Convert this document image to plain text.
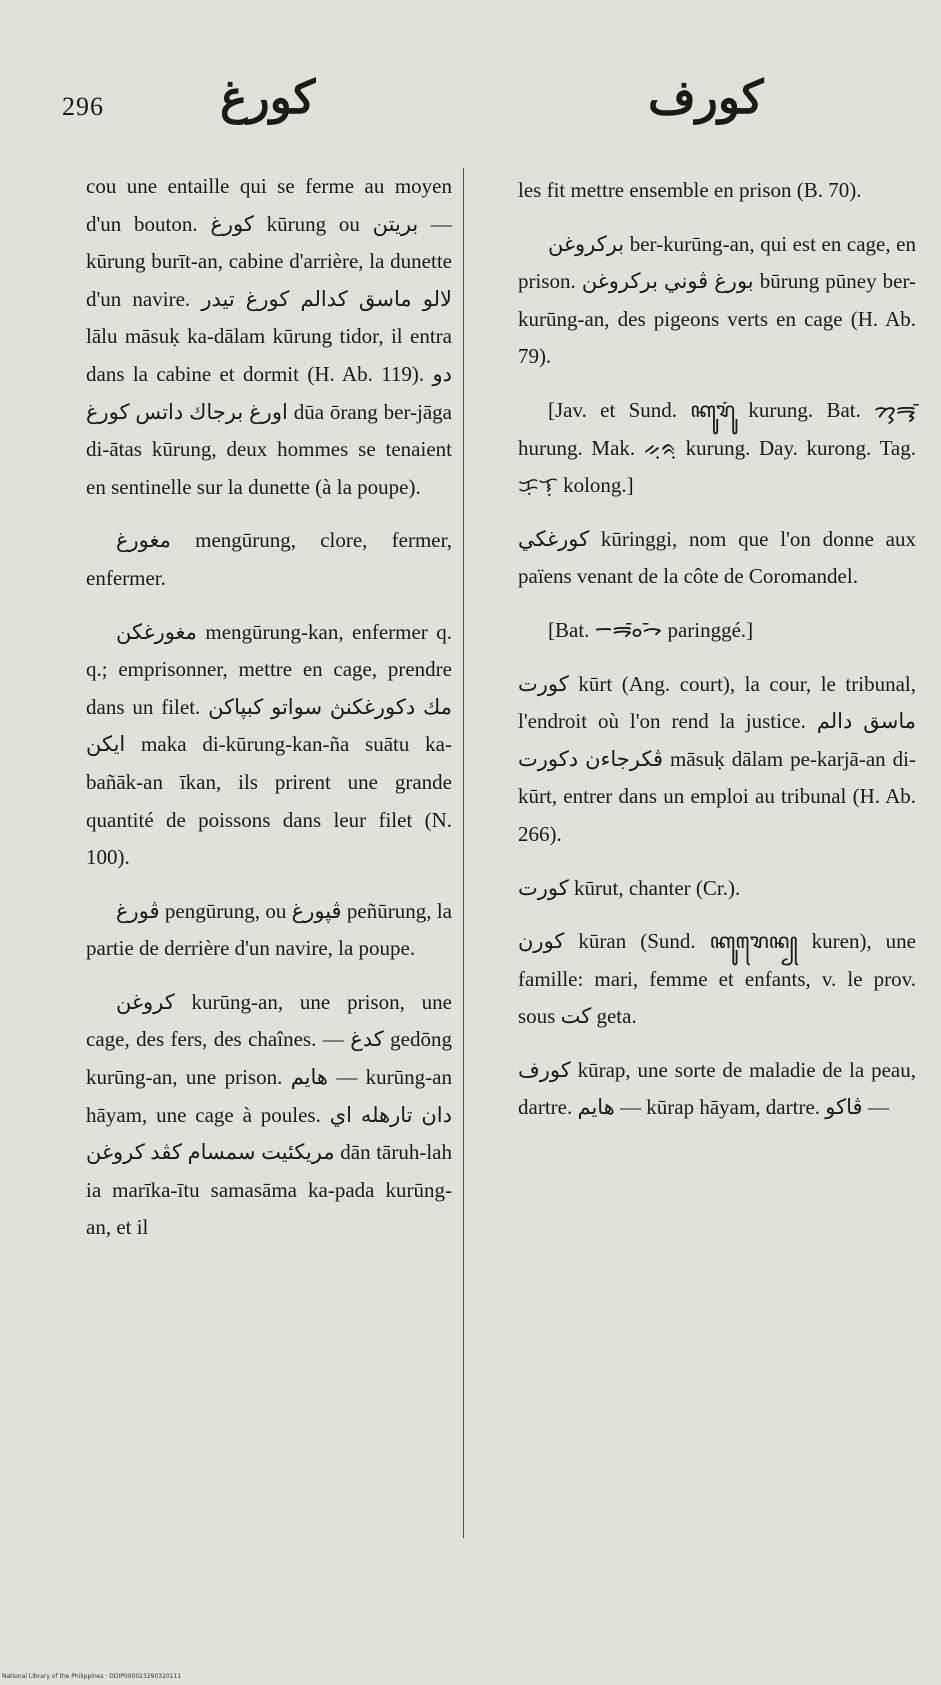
296	کورغ	کورف

cou une entaille qui se ferme au moyen d'un bouton. کورغ kūrung ou بريتن — kūrung burīt-an, cabine d'arrière, la dunette d'un navire. لالو ماسق کدالم کورغ تيدر lālu māsuḳ ka-dālam kūrung tidor, il entra dans la cabine et dormit (H. Ab. 119). دو اورغ برجاك داتس کورغ dūa ōrang ber-jāga di-ātas kūrung, deux hommes se tenaient en sentinelle sur la dunette (à la poupe).

مغورغ mengūrung, clore, fermer, enfermer.

مغورغکن mengūrung-kan, enfermer q. q.; emprisonner, mettre en cage, prendre dans un filet. مك دکورغکنڽ سواتو کبڽاکن ايکن maka di-kūrung-kan-ña suātu ka-bañāk-an īkan, ils prirent une grande quantité de poissons dans leur filet (N. 100).

ڤورغ pengūrung, ou ڤڽورغ peñūrung, la partie de derrière d'un navire, la poupe.

کروغن kurūng-an, une prison, une cage, des fers, des chaînes. — کدغ gedōng kurūng-an, une prison. هايم — kurūng-an hāyam, une cage à poules. دان تارهله اي مريکئيت سمسام کڤد کروغن dān tāruh-lah ia marīka-ītu samasāma ka-pada kurūng-an, et il

les fit mettre ensemble en prison (B. 70).

برکروغن ber-kurūng-an, qui est en cage, en prison. بورغ ڤوني برکروغن būrung pūney ber-kurūng-an, des pigeons verts en cage (H. Ab. 79).

[Jav. et Sund. ꦏꦸꦫꦸꦁ kurung. Bat. ᯂᯮᯒᯮᯰ hurung. Mak. ᨀᨘᨑᨘ kurung. Day. kurong. Tag. ᜃᜓᜎᜓ kolong.]

کورغکي kūringgi, nom que l'on donne aux païens venant de la côte de Coromandel.

[Bat. ᯇᯒᯪᯰᯎᯩ paringgé.]

کورت kūrt (Ang. court), la cour, le tribunal, l'endroit où l'on rend la justice. ماسق دالم ڤکرجاءن دکورت māsuḳ dālam pe-karjā-an di-kūrt, entrer dans un emploi au tribunal (H. Ab. 266).

کورت kūrut, chanter (Cr.).

کورن kūran (Sund. ꦏꦸꦫꦺꦤ꧀ kuren), une famille: mari, femme et enfants, v. le prov. sous کت geta.

کورف kūrap, une sorte de maladie de la peau, dartre. هايم — kūrap hāyam, dartre. ڤاکو —

National Library of the Philippines · DDIP000023290320111
